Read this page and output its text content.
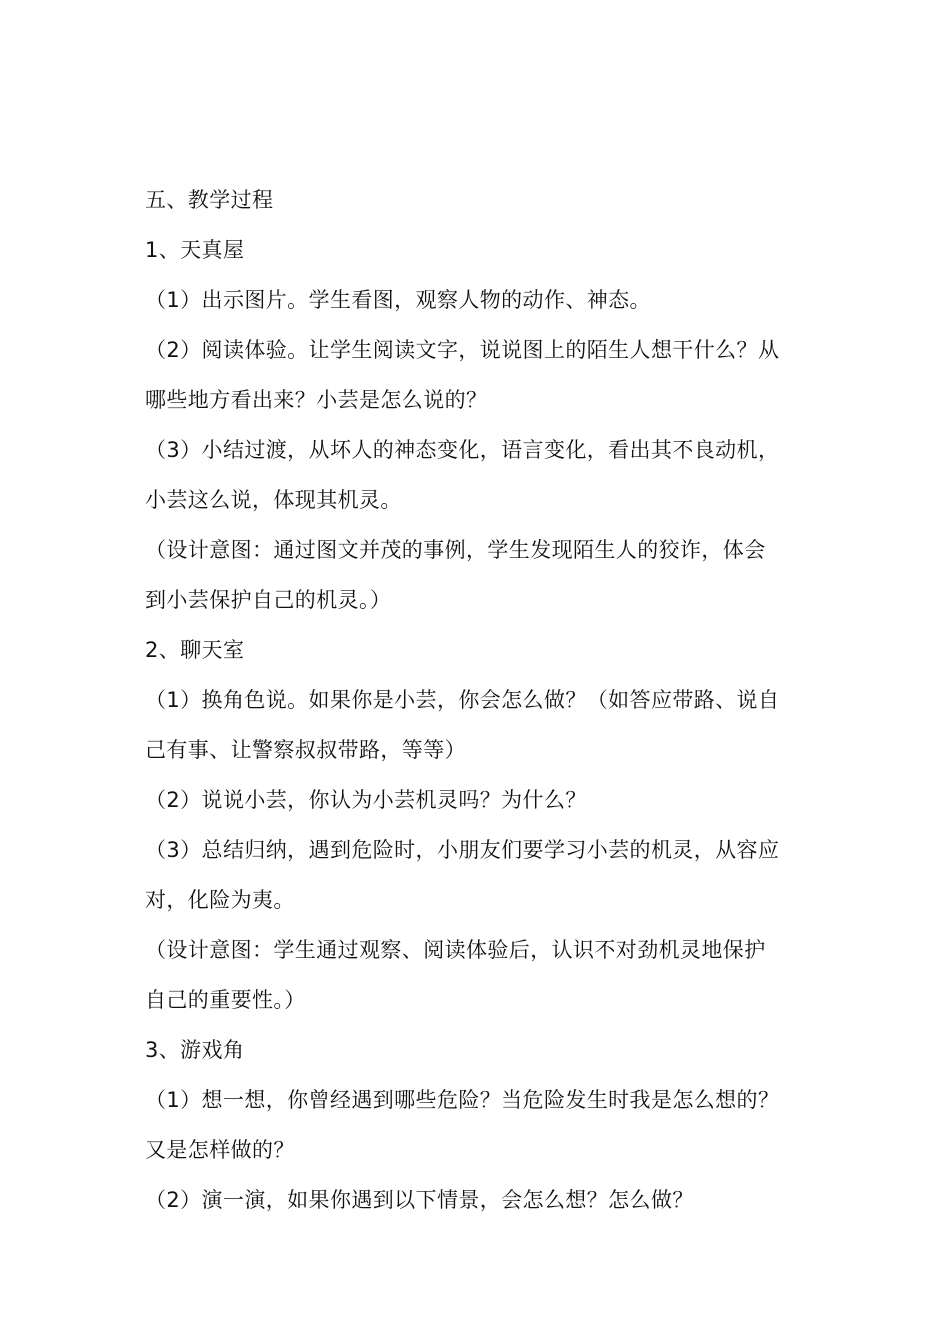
五、教学过程
1、天真屋
（1）出示图片。学生看图，观察人物的动作、神态。
（2）阅读体验。让学生阅读文字，说说图上的陌生人想干什么？从
哪些地方看出来？小芸是怎么说的？
（3）小结过渡，从坏人的神态变化，语言变化，看出其不良动机，
小芸这么说，体现其机灵。
（设计意图：通过图文并茂的事例，学生发现陌生人的狡诈，体会
到小芸保护自己的机灵。）
2、聊天室
（1）换角色说。如果你是小芸，你会怎么做？（如答应带路、说自
己有事、让警察叔叔带路，等等）
（2）说说小芸，你认为小芸机灵吗？为什么？
（3）总结归纳，遇到危险时，小朋友们要学习小芸的机灵，从容应
对，化险为夷。
（设计意图：学生通过观察、阅读体验后，认识不对劲机灵地保护
自己的重要性。）
3、游戏角
（1）想一想，你曾经遇到哪些危险？当危险发生时我是怎么想的？
又是怎样做的？
（2）演一演，如果你遇到以下情景，会怎么想？怎么做？
